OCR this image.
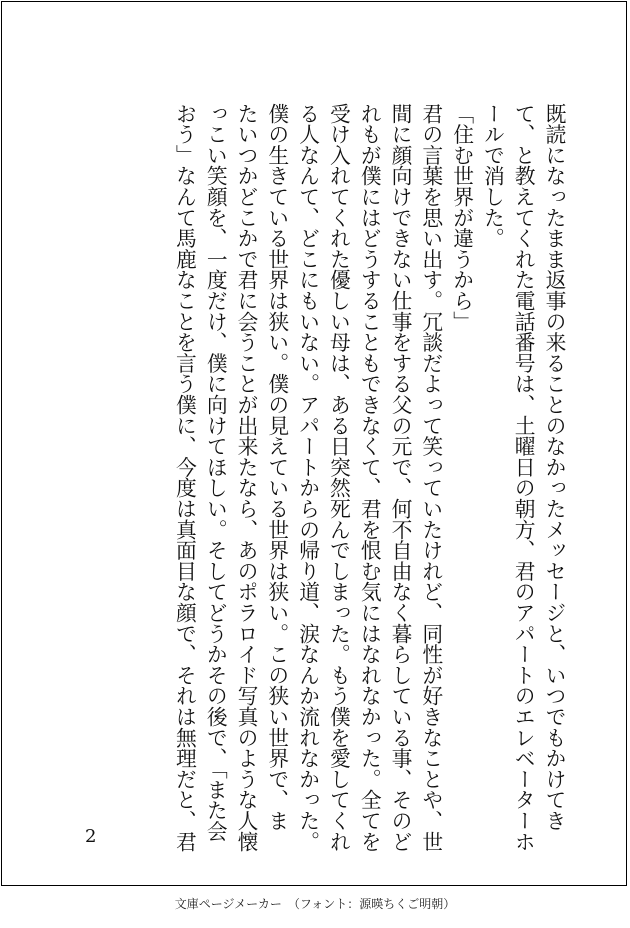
既読になったまま返事の来ることのなかったメッセージと、いつでもかけてき
て、と教えてくれた電話番号は、土曜日の朝方、君のアパートのエレベーターホ
ールで消した。
「住む世界が違うから」
君の言葉を思い出す。冗談だよって笑っていたけれど、同性が好きなことや、世
間に顔向けできない仕事をする父の元で、何不自由なく暮らしている事、そのど
れもが僕にはどうすることもできなくて、君を恨む気にはなれなかった。全てを
受け入れてくれた優しい母は、ある日突然死んでしまった。もう僕を愛してくれ
る人なんて、どこにもいない。アパートからの帰り道、涙なんか流れなかった。
僕の生きている世界は狭い。僕の見えている世界は狭い。この狭い世界で、ま
たいつかどこかで君に会うことが出来たなら、あのポラロイド写真のような人懐
っこい笑顔を、一度だけ、僕に向けてほしい。そしてどうかその後で、「また会
おう」なんて馬鹿なことを言う僕に、今度は真面目な顔で、それは無理だと、君
2
文庫ページメーカー　（フォント：源暎ちくご明朝）
